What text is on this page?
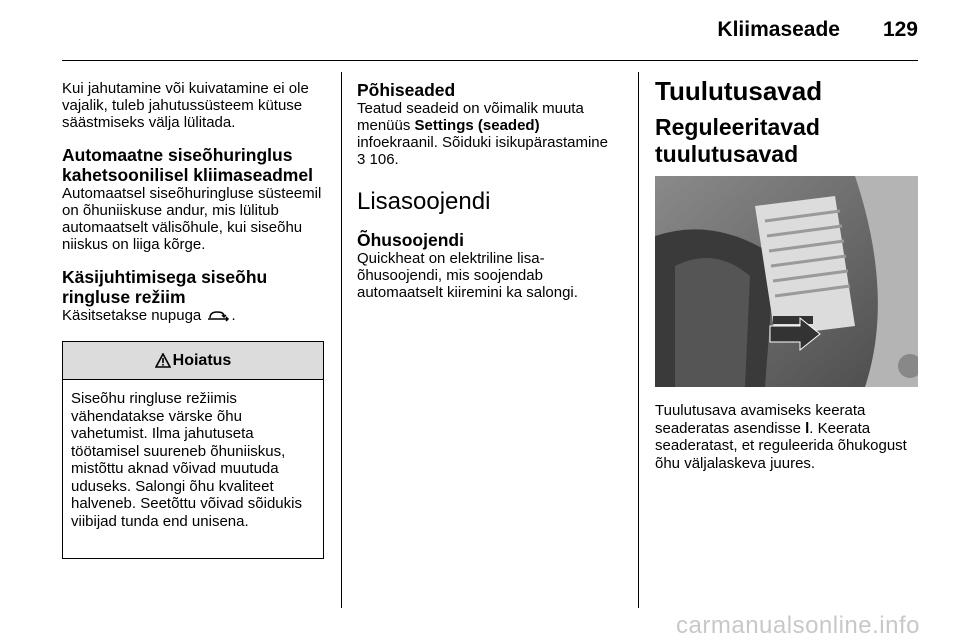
Kliimaseade 129

Kui jahutamine või kuivatamine ei ole vajalik, tuleb jahutussüsteem kütuse säästmiseks välja lülitada.

Automaatne siseõhuringlus kahetsoonilisel kliimaseadmel

Automaatsel siseõhuringluse süsteemil on õhuniiskuse andur, mis lülitub automaatselt välisõhule, kui siseõhu niiskus on liiga kõrge.

Käsijuhtimisega siseõhu ringluse režiim

Käsitsetakse nupuga .

Hoiatus
Siseõhu ringluse režiimis vähendatakse värske õhu vahetumist. Ilma jahutuseta töötamisel suureneb õhuniiskus, mistõttu aknad võivad muutuda uduseks. Salongi õhu kvaliteet halveneb. Seetõttu võivad sõidukis viibijad tunda end unisena.
Põhiseaded

Teatud seadeid on võimalik muuta menüüs Settings (seaded) infoekraanil. Sõiduki isikupärastamine 3 106.

Lisasoojendi
Õhusoojendi

Quickheat on elektriline lisa-õhusoojendi, mis soojendab automaatselt kiiremini ka salongi.

Tuulutusavad
Reguleeritavad tuulutusavad
Tuulutusava avamiseks keerata seaderatas asendisse l. Keerata seaderatast, et reguleerida õhukogust õhu väljalaskeva juures.
carmanualsonline.info
